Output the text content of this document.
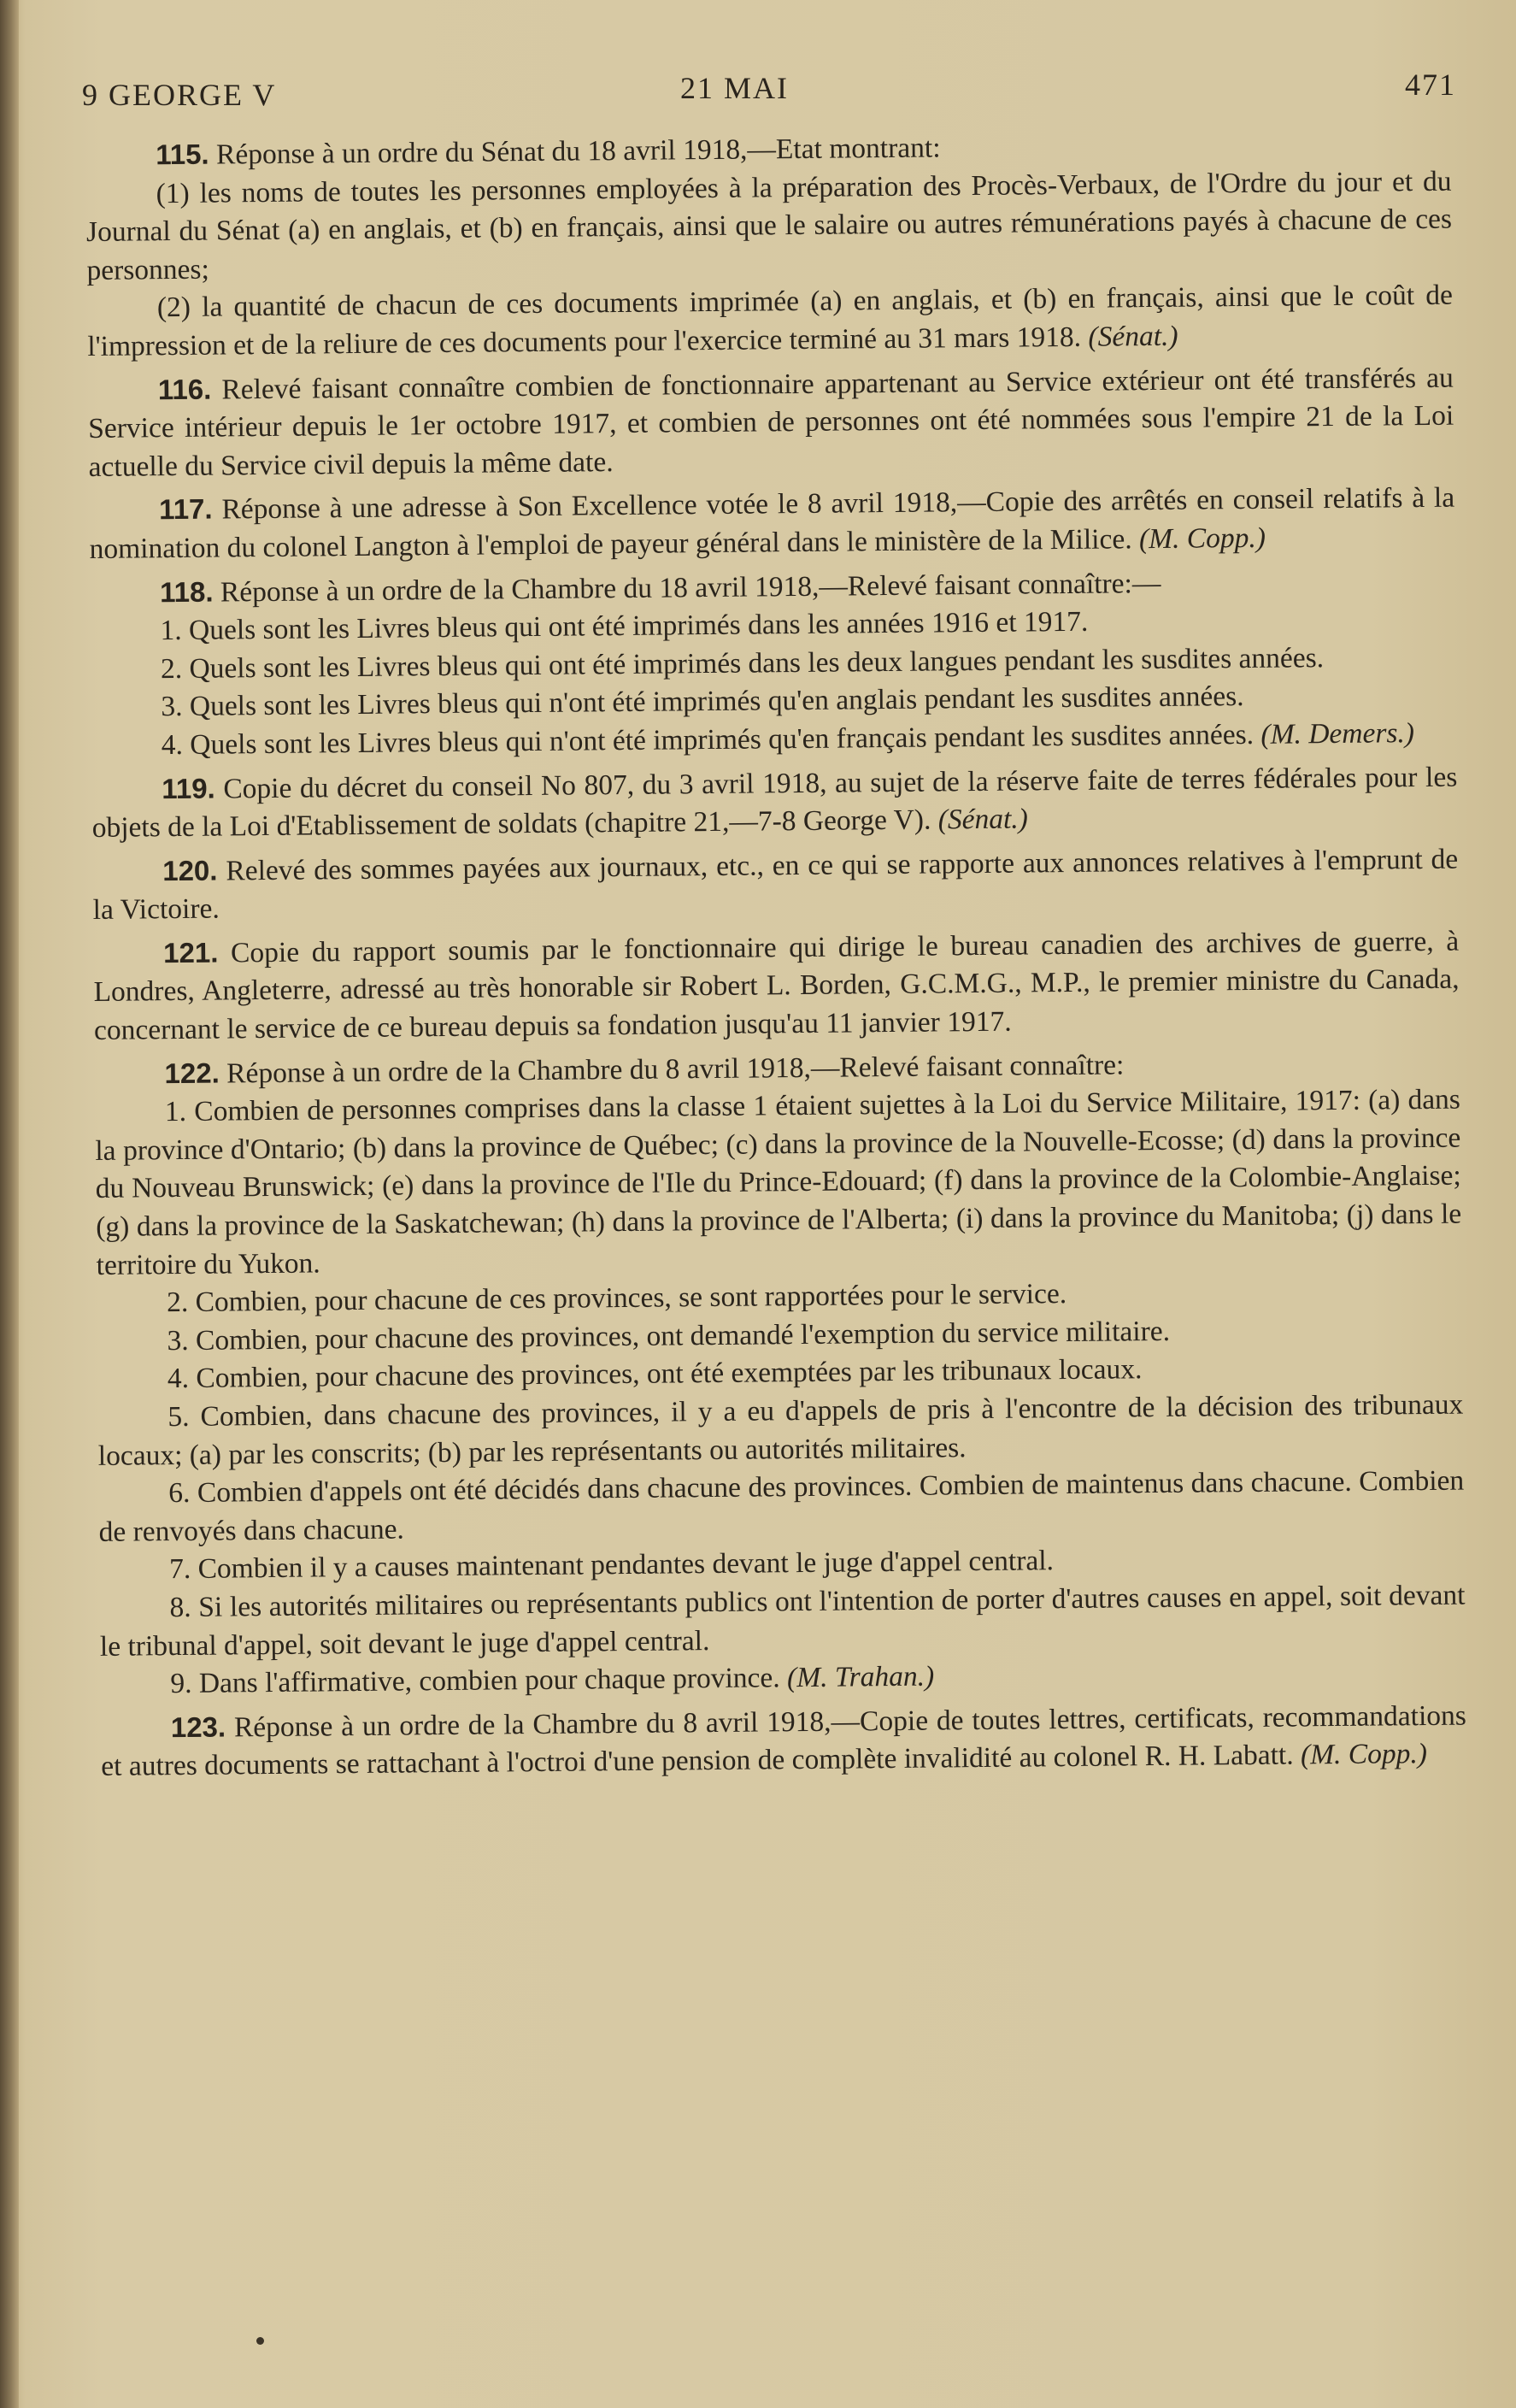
9 GEORGE V	21 MAI	471

115. Réponse à un ordre du Sénat du 18 avril 1918,—Etat montrant:

(1) les noms de toutes les personnes employées à la préparation des Procès-Verbaux, de l'Ordre du jour et du Journal du Sénat (a) en anglais, et (b) en français, ainsi que le salaire ou autres rémunérations payés à chacune de ces personnes;

(2) la quantité de chacun de ces documents imprimée (a) en anglais, et (b) en français, ainsi que le coût de l'impression et de la reliure de ces documents pour l'exercice terminé au 31 mars 1918. (Sénat.)

116. Relevé faisant connaître combien de fonctionnaire appartenant au Service extérieur ont été transférés au Service intérieur depuis le 1er octobre 1917, et combien de personnes ont été nommées sous l'empire 21 de la Loi actuelle du Service civil depuis la même date.

117. Réponse à une adresse à Son Excellence votée le 8 avril 1918,—Copie des arrêtés en conseil relatifs à la nomination du colonel Langton à l'emploi de payeur général dans le ministère de la Milice. (M. Copp.)

118. Réponse à un ordre de la Chambre du 18 avril 1918,—Relevé faisant connaître:—

1. Quels sont les Livres bleus qui ont été imprimés dans les années 1916 et 1917.

2. Quels sont les Livres bleus qui ont été imprimés dans les deux langues pendant les susdites années.

3. Quels sont les Livres bleus qui n'ont été imprimés qu'en anglais pendant les susdites années.

4. Quels sont les Livres bleus qui n'ont été imprimés qu'en français pendant les susdites années. (M. Demers.)

119. Copie du décret du conseil No 807, du 3 avril 1918, au sujet de la réserve faite de terres fédérales pour les objets de la Loi d'Etablissement de soldats (chapitre 21,—7-8 George V). (Sénat.)

120. Relevé des sommes payées aux journaux, etc., en ce qui se rapporte aux annonces relatives à l'emprunt de la Victoire.

121. Copie du rapport soumis par le fonctionnaire qui dirige le bureau canadien des archives de guerre, à Londres, Angleterre, adressé au très honorable sir Robert L. Borden, G.C.M.G., M.P., le premier ministre du Canada, concernant le service de ce bureau depuis sa fondation jusqu'au 11 janvier 1917.

122. Réponse à un ordre de la Chambre du 8 avril 1918,—Relevé faisant connaître:

1. Combien de personnes comprises dans la classe 1 étaient sujettes à la Loi du Service Militaire, 1917: (a) dans la province d'Ontario; (b) dans la province de Québec; (c) dans la province de la Nouvelle-Ecosse; (d) dans la province du Nouveau Brunswick; (e) dans la province de l'Ile du Prince-Edouard; (f) dans la province de la Colombie-Anglaise; (g) dans la province de la Saskatchewan; (h) dans la province de l'Alberta; (i) dans la province du Manitoba; (j) dans le territoire du Yukon.

2. Combien, pour chacune de ces provinces, se sont rapportées pour le service.

3. Combien, pour chacune des provinces, ont demandé l'exemption du service militaire.

4. Combien, pour chacune des provinces, ont été exemptées par les tribunaux locaux.

5. Combien, dans chacune des provinces, il y a eu d'appels de pris à l'encontre de la décision des tribunaux locaux; (a) par les conscrits; (b) par les représentants ou autorités militaires.

6. Combien d'appels ont été décidés dans chacune des provinces. Combien de maintenus dans chacune. Combien de renvoyés dans chacune.

7. Combien il y a causes maintenant pendantes devant le juge d'appel central.

8. Si les autorités militaires ou représentants publics ont l'intention de porter d'autres causes en appel, soit devant le tribunal d'appel, soit devant le juge d'appel central.

9. Dans l'affirmative, combien pour chaque province. (M. Trahan.)

123. Réponse à un ordre de la Chambre du 8 avril 1918,—Copie de toutes lettres, certificats, recommandations et autres documents se rattachant à l'octroi d'une pension de complète invalidité au colonel R. H. Labatt. (M. Copp.)
